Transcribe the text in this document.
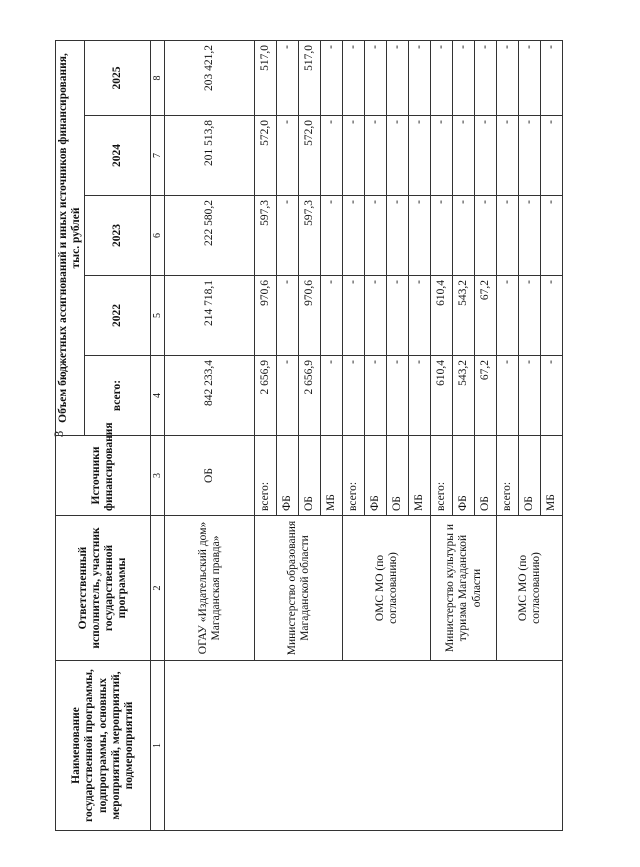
3
Наименование государственной программы, подпрограммы, основных мероприятий, мероприятий, подмероприятий	Ответственный исполнитель, участник государственной программы	Источники финансирования	Объем бюджетных ассигнований и иных источников финансирования, тыс. рублей				
			всего:	2022	2023	2024	2025
1	2	3	4	5	6	7	8
	ОГАУ «Издательский дом» Магаданская правда»	ОБ	842 233,4	214 718,1	222 580,2	201 513,8	203 421,2
	Министерство образования Магаданской области	всего:	2 656,9	970,6	597,3	572,0	517,0
		ФБ	-	-	-	-	-
		ОБ	2 656,9	970,6	597,3	572,0	517,0
		МБ	-	-	-	-	-
	ОМС МО (по согласованию)	всего:	-	-	-	-	-
		ФБ	-	-	-	-	-
		ОБ	-	-	-	-	-
		МБ	-	-	-	-	-
	Министерство культуры и туризма Магаданской области	всего:	610,4	610,4	-	-	-
		ФБ	543,2	543,2	-	-	-
		ОБ	67,2	67,2	-	-	-
	ОМС МО (по согласованию)	всего:	-	-	-	-	-
		ОБ	-	-	-	-	-
		МБ	-	-	-	-	-
